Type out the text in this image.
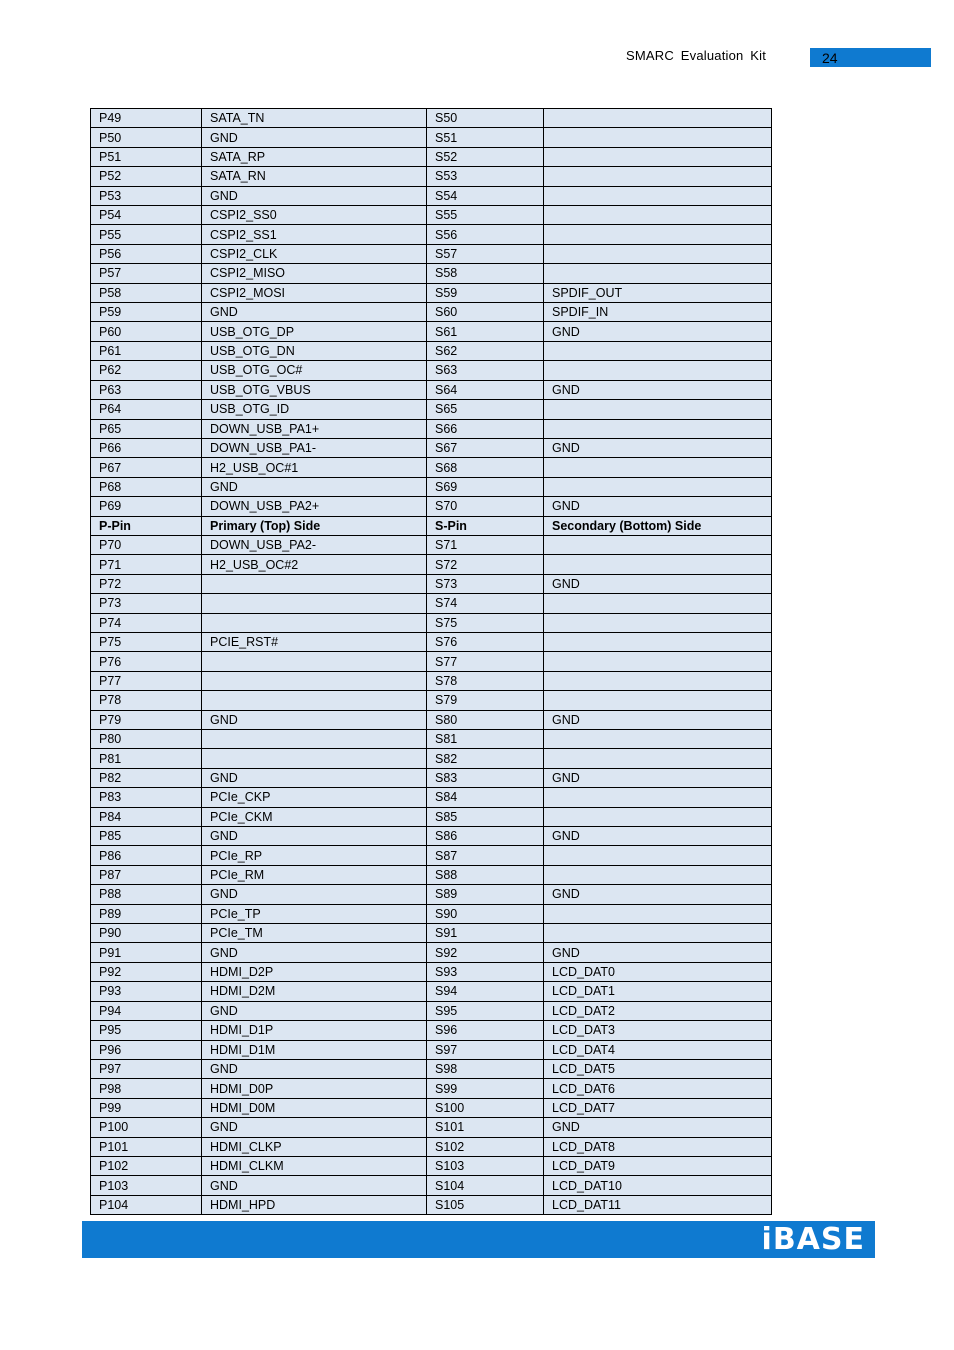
SMARC Evaluation Kit	24
P49	SATA_TN	S50	
P50	GND	S51	
P51	SATA_RP	S52	
P52	SATA_RN	S53	
P53	GND	S54	
P54	CSPI2_SS0	S55	
P55	CSPI2_SS1	S56	
P56	CSPI2_CLK	S57	
P57	CSPI2_MISO	S58	
P58	CSPI2_MOSI	S59	SPDIF_OUT
P59	GND	S60	SPDIF_IN
P60	USB_OTG_DP	S61	GND
P61	USB_OTG_DN	S62	
P62	USB_OTG_OC#	S63	
P63	USB_OTG_VBUS	S64	GND
P64	USB_OTG_ID	S65	
P65	DOWN_USB_PA1+	S66	
P66	DOWN_USB_PA1-	S67	GND
P67	H2_USB_OC#1	S68	
P68	GND	S69	
P69	DOWN_USB_PA2+	S70	GND
P-Pin	Primary (Top) Side	S-Pin	Secondary (Bottom) Side
P70	DOWN_USB_PA2-	S71	
P71	H2_USB_OC#2	S72	
P72		S73	GND
P73		S74	
P74		S75	
P75	PCIE_RST#	S76	
P76		S77	
P77		S78	
P78		S79	
P79	GND	S80	GND
P80		S81	
P81		S82	
P82	GND	S83	GND
P83	PCIe_CKP	S84	
P84	PCIe_CKM	S85	
P85	GND	S86	GND
P86	PCIe_RP	S87	
P87	PCIe_RM	S88	
P88	GND	S89	GND
P89	PCIe_TP	S90	
P90	PCIe_TM	S91	
P91	GND	S92	GND
P92	HDMI_D2P	S93	LCD_DAT0
P93	HDMI_D2M	S94	LCD_DAT1
P94	GND	S95	LCD_DAT2
P95	HDMI_D1P	S96	LCD_DAT3
P96	HDMI_D1M	S97	LCD_DAT4
P97	GND	S98	LCD_DAT5
P98	HDMI_D0P	S99	LCD_DAT6
P99	HDMI_D0M	S100	LCD_DAT7
P100	GND	S101	GND
P101	HDMI_CLKP	S102	LCD_DAT8
P102	HDMI_CLKM	S103	LCD_DAT9
P103	GND	S104	LCD_DAT10
P104	HDMI_HPD	S105	LCD_DAT11
iBASE
